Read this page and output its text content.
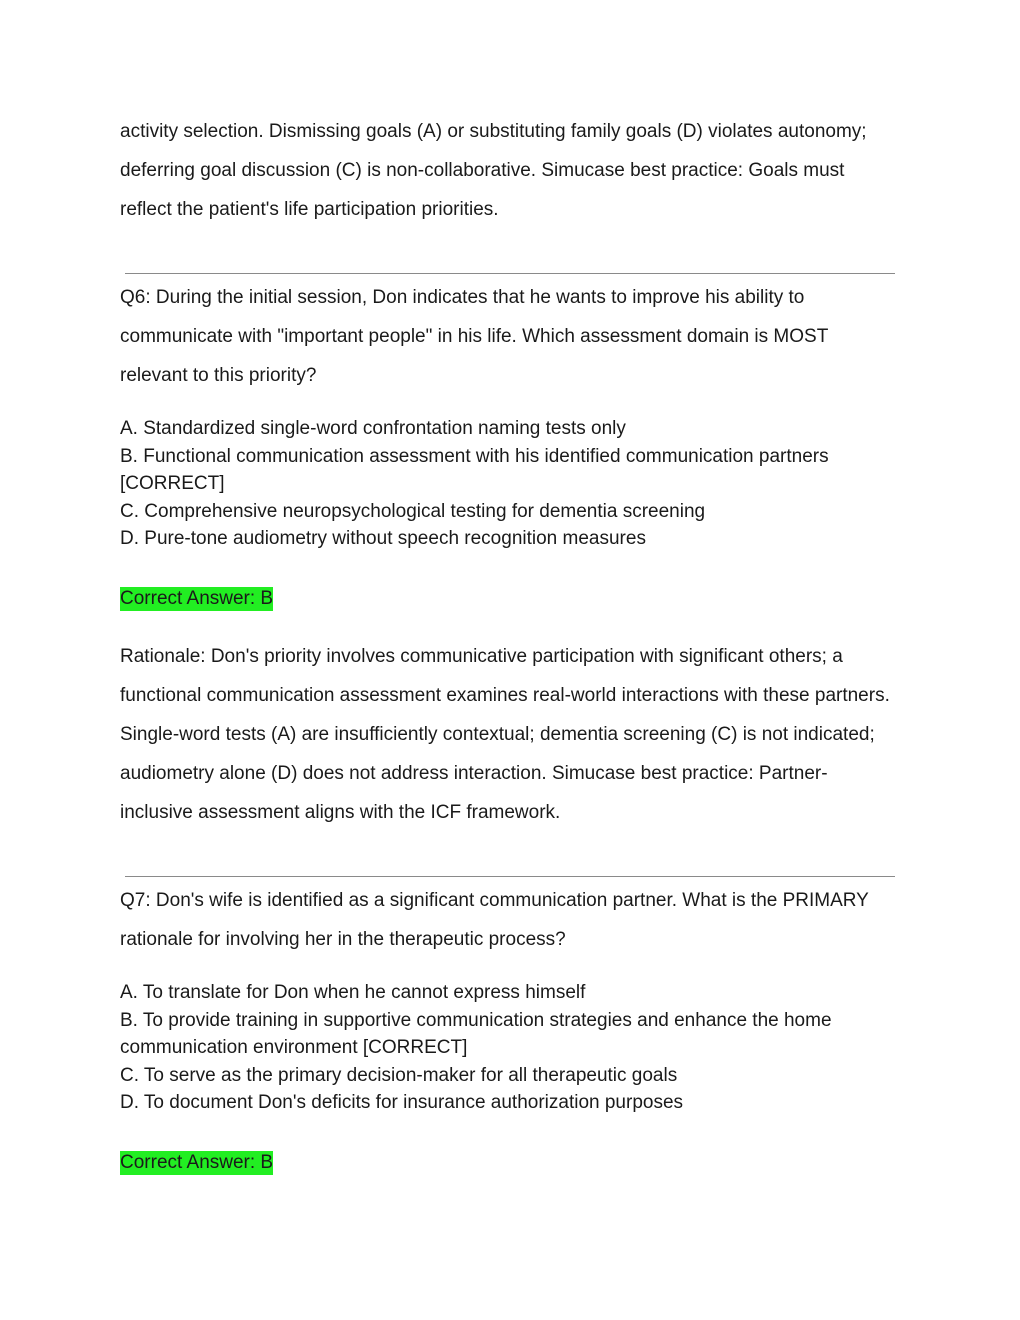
activity selection. Dismissing goals (A) or substituting family goals (D) violates autonomy; deferring goal discussion (C) is non-collaborative. Simucase best practice: Goals must reflect the patient's life participation priorities.

Q6: During the initial session, Don indicates that he wants to improve his ability to communicate with "important people" in his life. Which assessment domain is MOST relevant to this priority?

A. Standardized single-word confrontation naming tests only
B. Functional communication assessment with his identified communication partners [CORRECT]
C. Comprehensive neuropsychological testing for dementia screening
D. Pure-tone audiometry without speech recognition measures
Correct Answer: B

Rationale: Don's priority involves communicative participation with significant others; a functional communication assessment examines real-world interactions with these partners. Single-word tests (A) are insufficiently contextual; dementia screening (C) is not indicated; audiometry alone (D) does not address interaction. Simucase best practice: Partner-inclusive assessment aligns with the ICF framework.

Q7: Don's wife is identified as a significant communication partner. What is the PRIMARY rationale for involving her in the therapeutic process?

A. To translate for Don when he cannot express himself
B. To provide training in supportive communication strategies and enhance the home communication environment [CORRECT]
C. To serve as the primary decision-maker for all therapeutic goals
D. To document Don's deficits for insurance authorization purposes
Correct Answer: B
